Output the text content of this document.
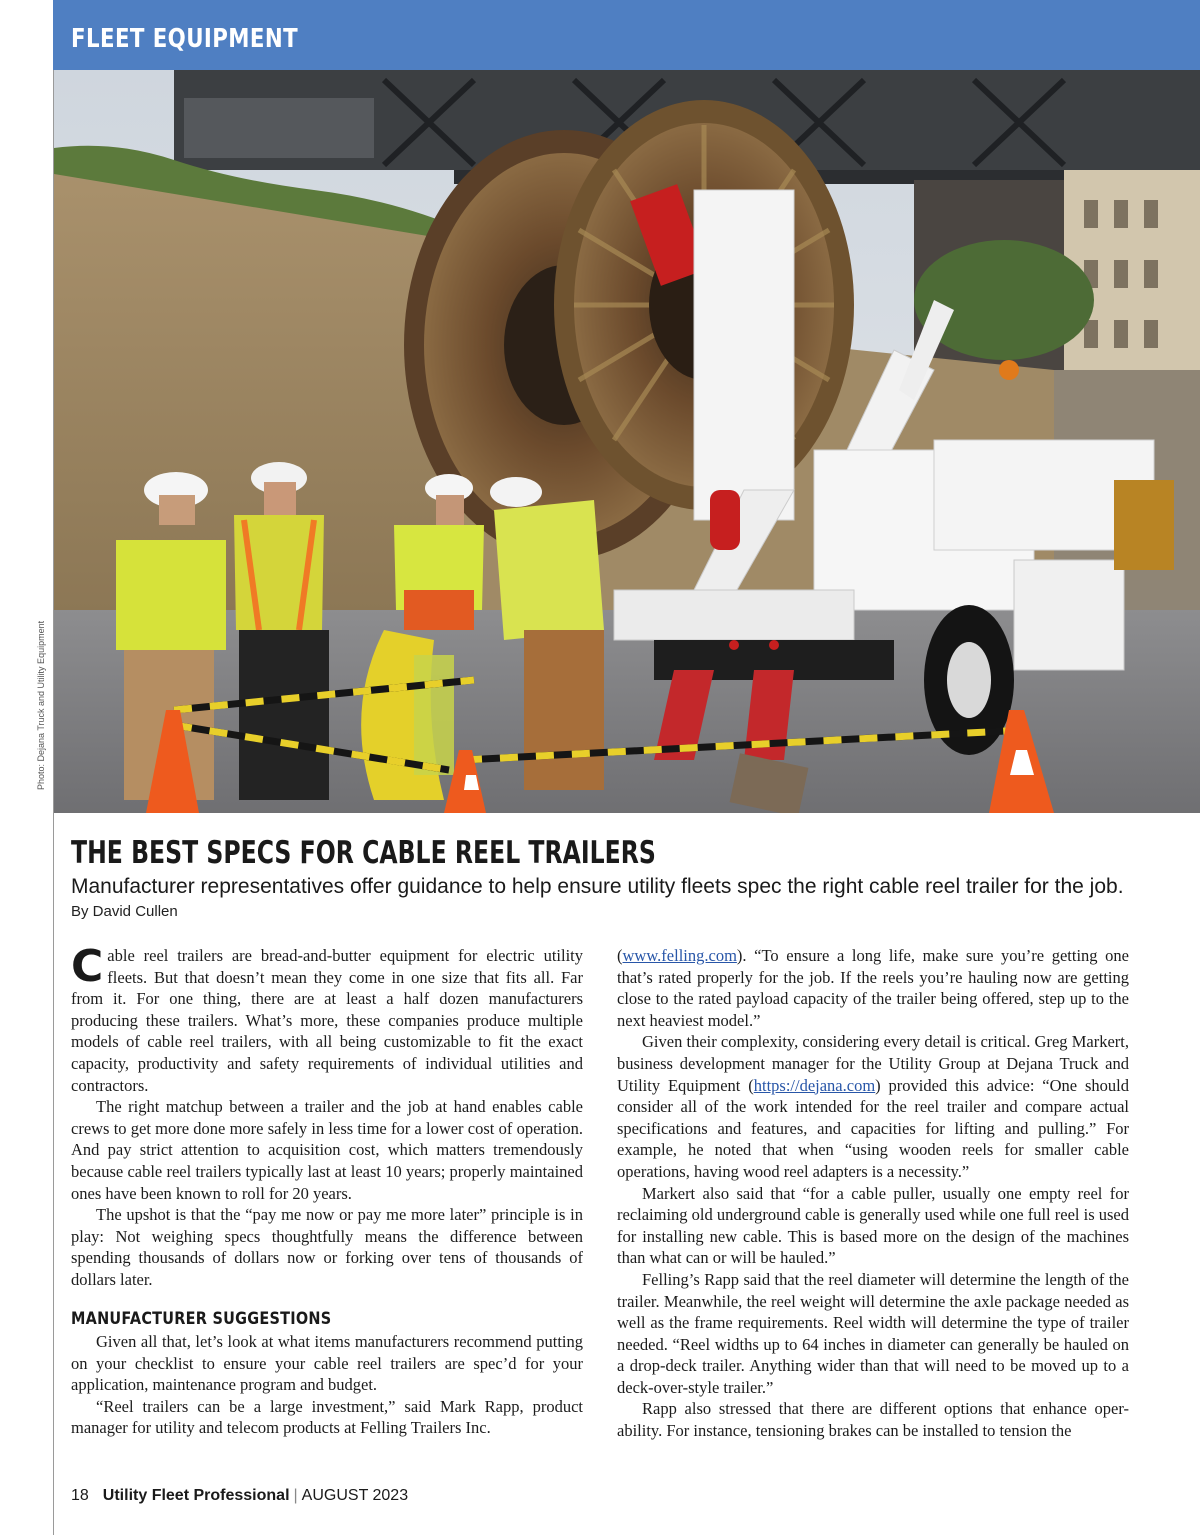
FLEET EQUIPMENT
Photo: Dejana Truck and Utility Equipment
THE BEST SPECS FOR CABLE REEL TRAILERS
Manufacturer representatives offer guidance to help ensure utility fleets spec the right cable reel trailer for the job.
By David Cullen

Cable reel trailers are bread-and-butter equipment for electric utility fleets. But that doesn’t mean they come in one size that fits all. Far from it. For one thing, there are at least a half dozen manufacturers producing these trailers. What’s more, these companies produce multiple models of cable reel trailers, with all being customizable to fit the exact capacity, productivity and safety requirements of individual utilities and contractors.

The right matchup between a trailer and the job at hand enables cable crews to get more done more safely in less time for a lower cost of operation. And pay strict attention to acquisition cost, which matters tremendously because cable reel trailers typically last at least 10 years; properly maintained ones have been known to roll for 20 years.

The upshot is that the “pay me now or pay me more later” principle is in play: Not weighing specs thoughtfully means the difference between spending thousands of dollars now or forking over tens of thousands of dollars later.

MANUFACTURER SUGGESTIONS

Given all that, let’s look at what items manufacturers recommend putting on your checklist to ensure your cable reel trailers are spec’d for your application, maintenance program and budget.

“Reel trailers can be a large investment,” said Mark Rapp, product manager for utility and telecom products at Felling Trailers Inc.

(www.felling.com). “To ensure a long life, make sure you’re getting one that’s rated properly for the job. If the reels you’re hauling now are getting close to the rated payload capacity of the trailer being offered, step up to the next heaviest model.”

Given their complexity, considering every detail is critical. Greg Markert, business development manager for the Utility Group at Dejana Truck and Utility Equipment (https://dejana.com) provided this advice: “One should consider all of the work intended for the reel trailer and compare actual specifications and features, and capacities for lifting and pulling.” For example, he noted that when “using wooden reels for smaller cable operations, having wood reel adapters is a necessity.”

Markert also said that “for a cable puller, usually one empty reel for reclaiming old underground cable is generally used while one full reel is used for installing new cable. This is based more on the design of the machines than what can or will be hauled.”

Felling’s Rapp said that the reel diameter will determine the length of the trailer. Meanwhile, the reel weight will determine the axle package needed as well as the frame requirements. Reel width will determine the type of trailer needed. “Reel widths up to 64 inches in diameter can generally be hauled on a drop-deck trailer. Anything wider than that will need to be moved up to a deck-over-style trailer.”

Rapp also stressed that there are different options that enhance oper-ability. For instance, tensioning brakes can be installed to tension the

18 Utility Fleet Professional | AUGUST 2023
